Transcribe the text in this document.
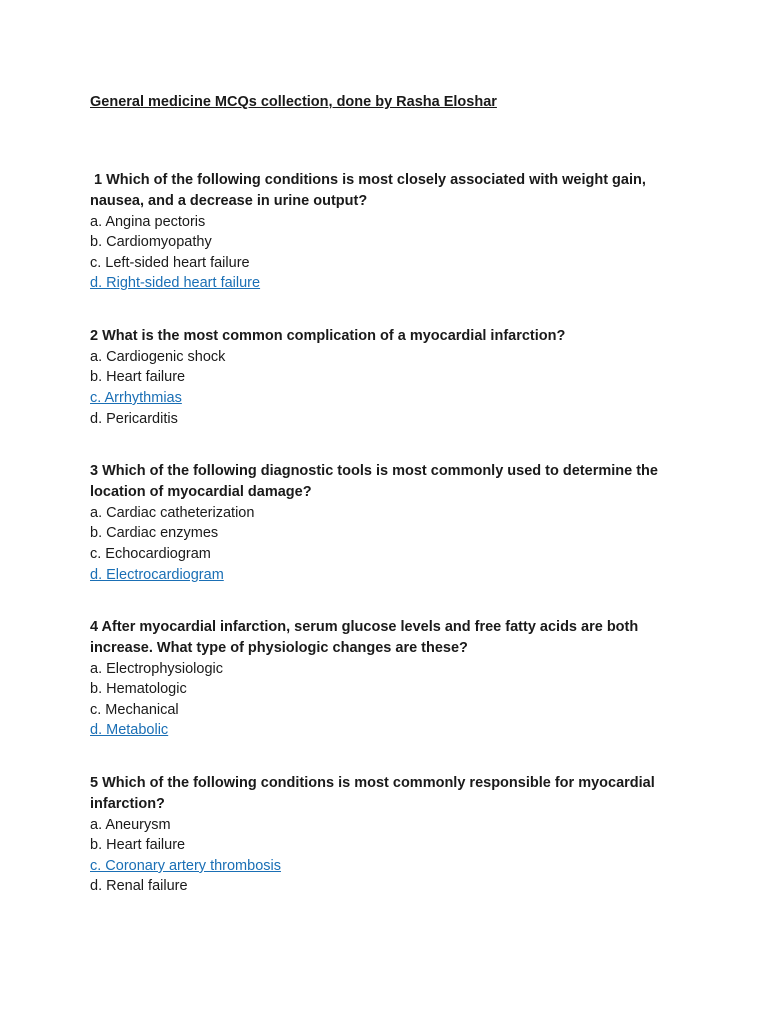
General medicine MCQs collection, done by Rasha Eloshar

1 Which of the following conditions is most closely associated with weight gain, nausea, and a decrease in urine output?

a. Angina pectoris
b. Cardiomyopathy
c. Left-sided heart failure
d. Right-sided heart failure

2 What is the most common complication of a myocardial infarction?

a. Cardiogenic shock
b. Heart failure
c. Arrhythmias
d. Pericarditis

3 Which of the following diagnostic tools is most commonly used to determine the location of myocardial damage?

a. Cardiac catheterization
b. Cardiac enzymes
c. Echocardiogram
d. Electrocardiogram

4 After myocardial infarction, serum glucose levels and free fatty acids are both increase. What type of physiologic changes are these?

a. Electrophysiologic
b. Hematologic
c. Mechanical
d. Metabolic

5 Which of the following conditions is most commonly responsible for myocardial infarction?

a. Aneurysm
b. Heart failure
c. Coronary artery thrombosis
d. Renal failure
